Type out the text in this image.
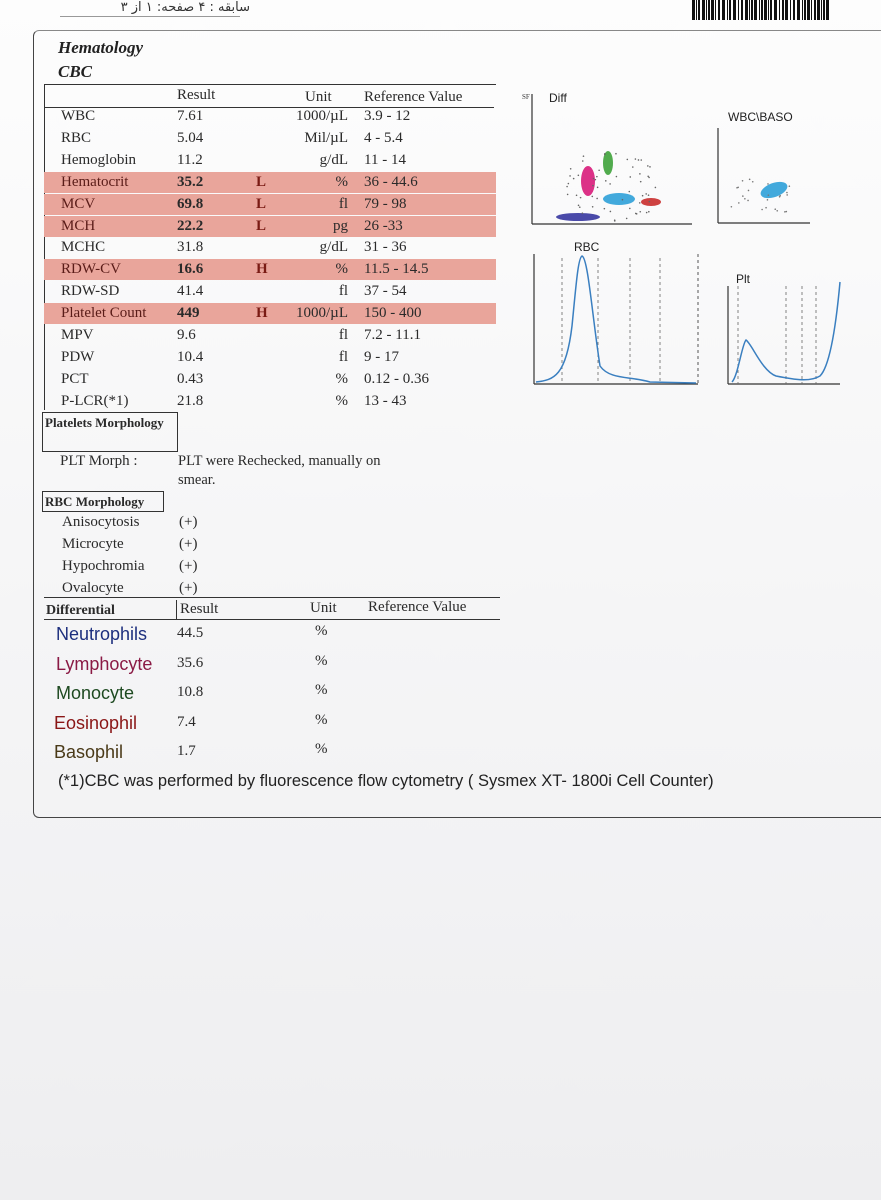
سابقه : ۴ صفحه: ۱ از ۳
Hematology
CBC
Result	Unit Reference Value
WBC	7.61	1000/µL 3.9 - 12
RBC	5.04	Mil/µL 4 - 5.4
Hemoglobin	11.2	g/dL 11 - 14
Hematocrit	35.2	L	% 36 - 44.6
MCV	69.8	L	fl 79 - 98
MCH	22.2	L	pg 26 -33
MCHC	31.8	g/dL 31 - 36
RDW-CV	16.6	H	% 11.5 - 14.5
RDW-SD	41.4	fl 37 - 54
Platelet Count 449	H 1000/µL 150 - 400
MPV	9.6	fl 7.2 - 11.1
PDW	10.4	fl 9 - 17
PCT	0.43	% 0.12 - 0.36
P-LCR(*1)	21.8	% 13 - 43
Platelets Morphology
PLT Morph :	PLT were Rechecked, manually on
smear.
RBC Morphology
Anisocytosis	(+)
Microcyte	(+)
Hypochromia (+)
Ovalocyte	(+)
Differential	Result	Unit Reference Value
Neutrophils 44.5	%
Lymphocyte 35.6	%
Monocyte	10.8	%
Eosinophil	7.4	%
Basophil	1.7	%
(*1)CBC was performed by fluorescence flow cytometry ( Sysmex XT- 1800i Cell Counter)
SF Diff
WBC\BASO
RBC
Plt
